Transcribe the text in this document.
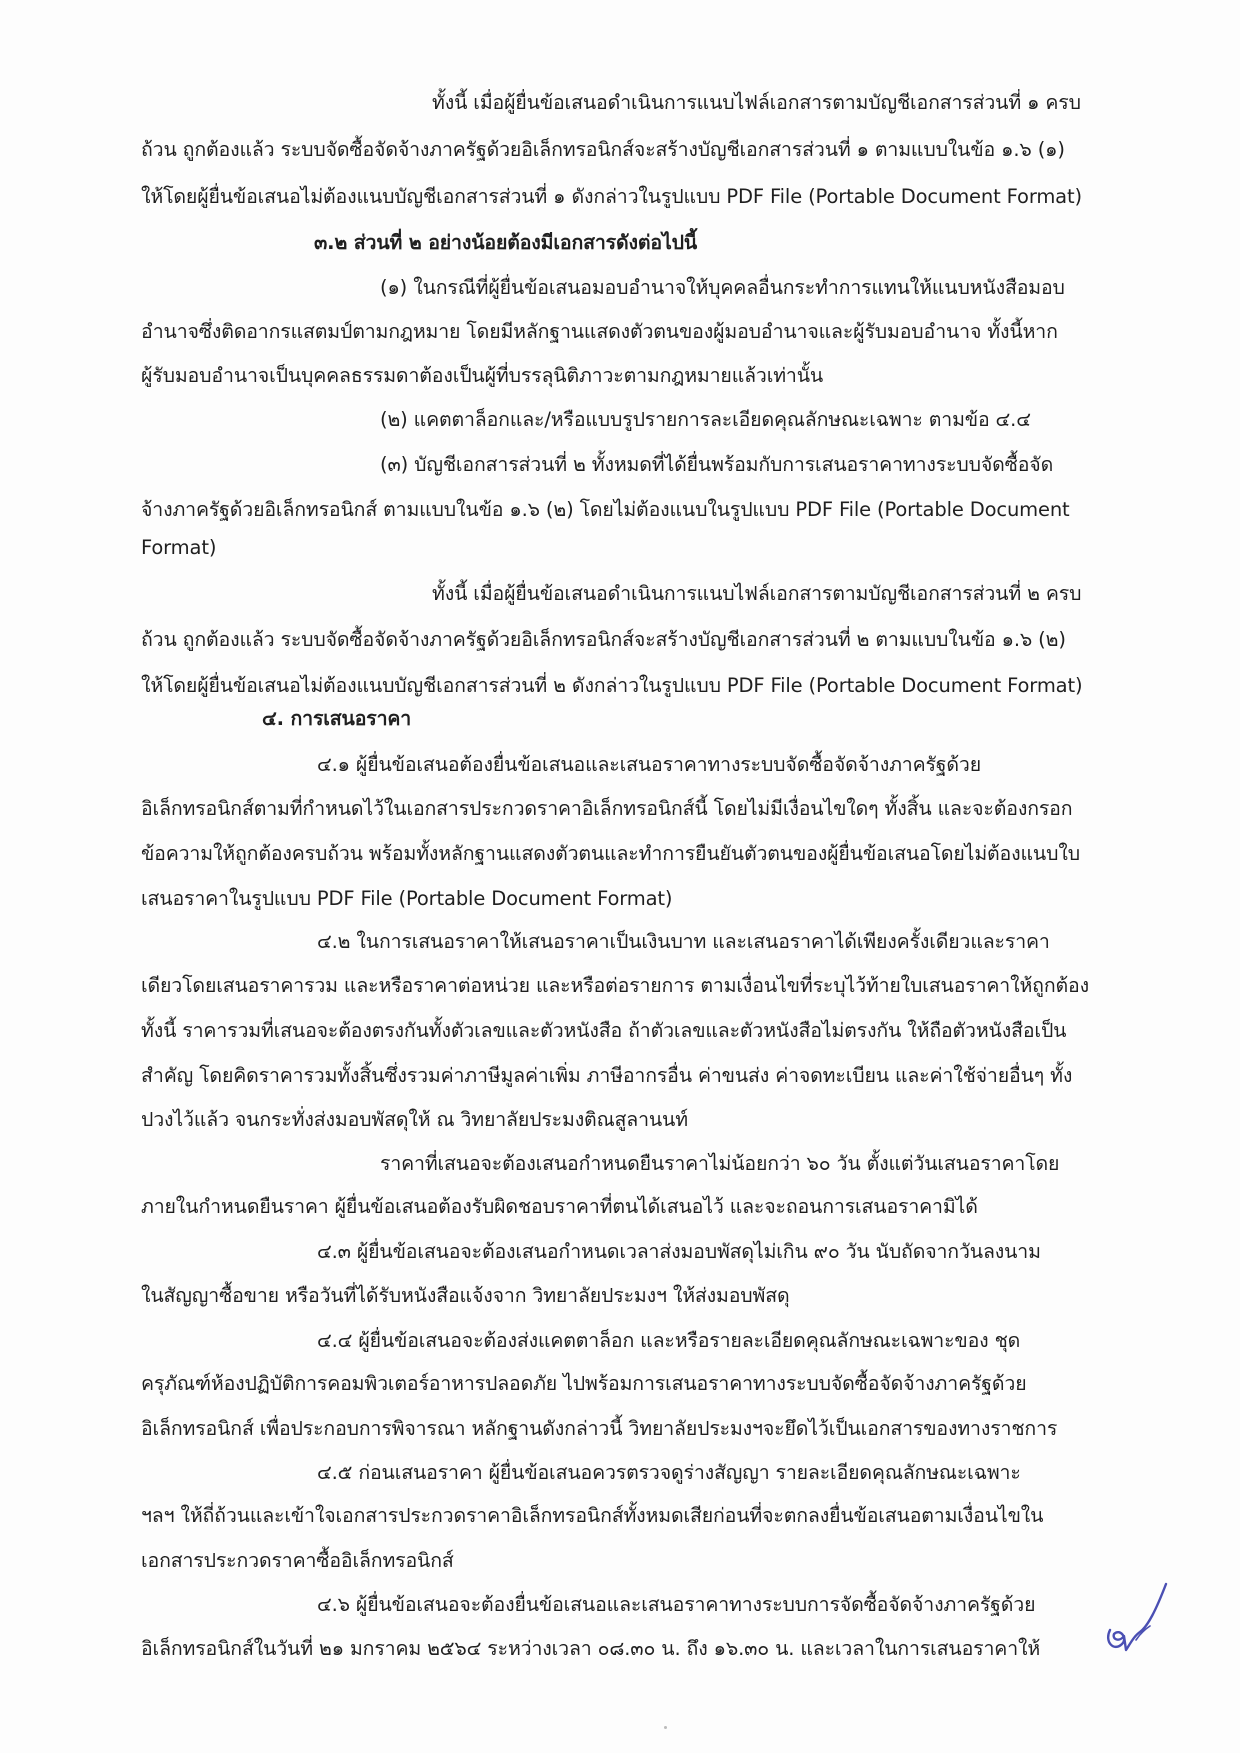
ทั้งนี้ เมื่อผู้ยื่นข้อเสนอดำเนินการแนบไฟล์เอกสารตามบัญชีเอกสารส่วนที่ ๑ ครบ
ถ้วน ถูกต้องแล้ว ระบบจัดซื้อจัดจ้างภาครัฐด้วยอิเล็กทรอนิกส์จะสร้างบัญชีเอกสารส่วนที่ ๑ ตามแบบในข้อ ๑.๖ (๑)
ให้โดยผู้ยื่นข้อเสนอไม่ต้องแนบบัญชีเอกสารส่วนที่ ๑ ดังกล่าวในรูปแบบ PDF File (Portable Document Format)
๓.๒ ส่วนที่ ๒ อย่างน้อยต้องมีเอกสารดังต่อไปนี้
(๑) ในกรณีที่ผู้ยื่นข้อเสนอมอบอำนาจให้บุคคลอื่นกระทำการแทนให้แนบหนังสือมอบ
อำนาจซึ่งติดอากรแสตมป์ตามกฎหมาย โดยมีหลักฐานแสดงตัวตนของผู้มอบอำนาจและผู้รับมอบอำนาจ ทั้งนี้หาก
ผู้รับมอบอำนาจเป็นบุคคลธรรมดาต้องเป็นผู้ที่บรรลุนิติภาวะตามกฎหมายแล้วเท่านั้น
(๒) แคตตาล็อกและ/หรือแบบรูปรายการละเอียดคุณลักษณะเฉพาะ ตามข้อ ๔.๔
(๓) บัญชีเอกสารส่วนที่ ๒ ทั้งหมดที่ได้ยื่นพร้อมกับการเสนอราคาทางระบบจัดซื้อจัด
จ้างภาครัฐด้วยอิเล็กทรอนิกส์ ตามแบบในข้อ ๑.๖ (๒) โดยไม่ต้องแนบในรูปแบบ PDF File (Portable Document
Format)
ทั้งนี้ เมื่อผู้ยื่นข้อเสนอดำเนินการแนบไฟล์เอกสารตามบัญชีเอกสารส่วนที่ ๒ ครบ
ถ้วน ถูกต้องแล้ว ระบบจัดซื้อจัดจ้างภาครัฐด้วยอิเล็กทรอนิกส์จะสร้างบัญชีเอกสารส่วนที่ ๒ ตามแบบในข้อ ๑.๖ (๒)
ให้โดยผู้ยื่นข้อเสนอไม่ต้องแนบบัญชีเอกสารส่วนที่ ๒ ดังกล่าวในรูปแบบ PDF File (Portable Document Format)
๔. การเสนอราคา
๔.๑ ผู้ยื่นข้อเสนอต้องยื่นข้อเสนอและเสนอราคาทางระบบจัดซื้อจัดจ้างภาครัฐด้วย
อิเล็กทรอนิกส์ตามที่กำหนดไว้ในเอกสารประกวดราคาอิเล็กทรอนิกส์นี้ โดยไม่มีเงื่อนไขใดๆ ทั้งสิ้น และจะต้องกรอก
ข้อความให้ถูกต้องครบถ้วน พร้อมทั้งหลักฐานแสดงตัวตนและทำการยืนยันตัวตนของผู้ยื่นข้อเสนอโดยไม่ต้องแนบใบ
เสนอราคาในรูปแบบ PDF File (Portable Document Format)
๔.๒ ในการเสนอราคาให้เสนอราคาเป็นเงินบาท และเสนอราคาได้เพียงครั้งเดียวและราคา
เดียวโดยเสนอราคารวม และหรือราคาต่อหน่วย และหรือต่อรายการ ตามเงื่อนไขที่ระบุไว้ท้ายใบเสนอราคาให้ถูกต้อง
ทั้งนี้ ราคารวมที่เสนอจะต้องตรงกันทั้งตัวเลขและตัวหนังสือ ถ้าตัวเลขและตัวหนังสือไม่ตรงกัน ให้ถือตัวหนังสือเป็น
สำคัญ โดยคิดราคารวมทั้งสิ้นซึ่งรวมค่าภาษีมูลค่าเพิ่ม ภาษีอากรอื่น ค่าขนส่ง ค่าจดทะเบียน และค่าใช้จ่ายอื่นๆ ทั้ง
ปวงไว้แล้ว จนกระทั่งส่งมอบพัสดุให้ ณ วิทยาลัยประมงติณสูลานนท์
ราคาที่เสนอจะต้องเสนอกำหนดยืนราคาไม่น้อยกว่า ๖๐ วัน ตั้งแต่วันเสนอราคาโดย
ภายในกำหนดยืนราคา ผู้ยื่นข้อเสนอต้องรับผิดชอบราคาที่ตนได้เสนอไว้ และจะถอนการเสนอราคามิได้
๔.๓ ผู้ยื่นข้อเสนอจะต้องเสนอกำหนดเวลาส่งมอบพัสดุไม่เกิน ๙๐ วัน นับถัดจากวันลงนาม
ในสัญญาซื้อขาย หรือวันที่ได้รับหนังสือแจ้งจาก วิทยาลัยประมงฯ ให้ส่งมอบพัสดุ
๔.๔ ผู้ยื่นข้อเสนอจะต้องส่งแคตตาล็อก และหรือรายละเอียดคุณลักษณะเฉพาะของ ชุด
ครุภัณฑ์ห้องปฏิบัติการคอมพิวเตอร์อาหารปลอดภัย ไปพร้อมการเสนอราคาทางระบบจัดซื้อจัดจ้างภาครัฐด้วย
อิเล็กทรอนิกส์ เพื่อประกอบการพิจารณา หลักฐานดังกล่าวนี้ วิทยาลัยประมงฯจะยึดไว้เป็นเอกสารของทางราชการ
๔.๕ ก่อนเสนอราคา ผู้ยื่นข้อเสนอควรตรวจดูร่างสัญญา รายละเอียดคุณลักษณะเฉพาะ
ฯลฯ ให้ถี่ถ้วนและเข้าใจเอกสารประกวดราคาอิเล็กทรอนิกส์ทั้งหมดเสียก่อนที่จะตกลงยื่นข้อเสนอตามเงื่อนไขใน
เอกสารประกวดราคาซื้ออิเล็กทรอนิกส์
๔.๖ ผู้ยื่นข้อเสนอจะต้องยื่นข้อเสนอและเสนอราคาทางระบบการจัดซื้อจัดจ้างภาครัฐด้วย
อิเล็กทรอนิกส์ในวันที่ ๒๑ มกราคม ๒๕๖๔ ระหว่างเวลา ๐๘.๓๐ น. ถึง ๑๖.๓๐ น. และเวลาในการเสนอราคาให้
